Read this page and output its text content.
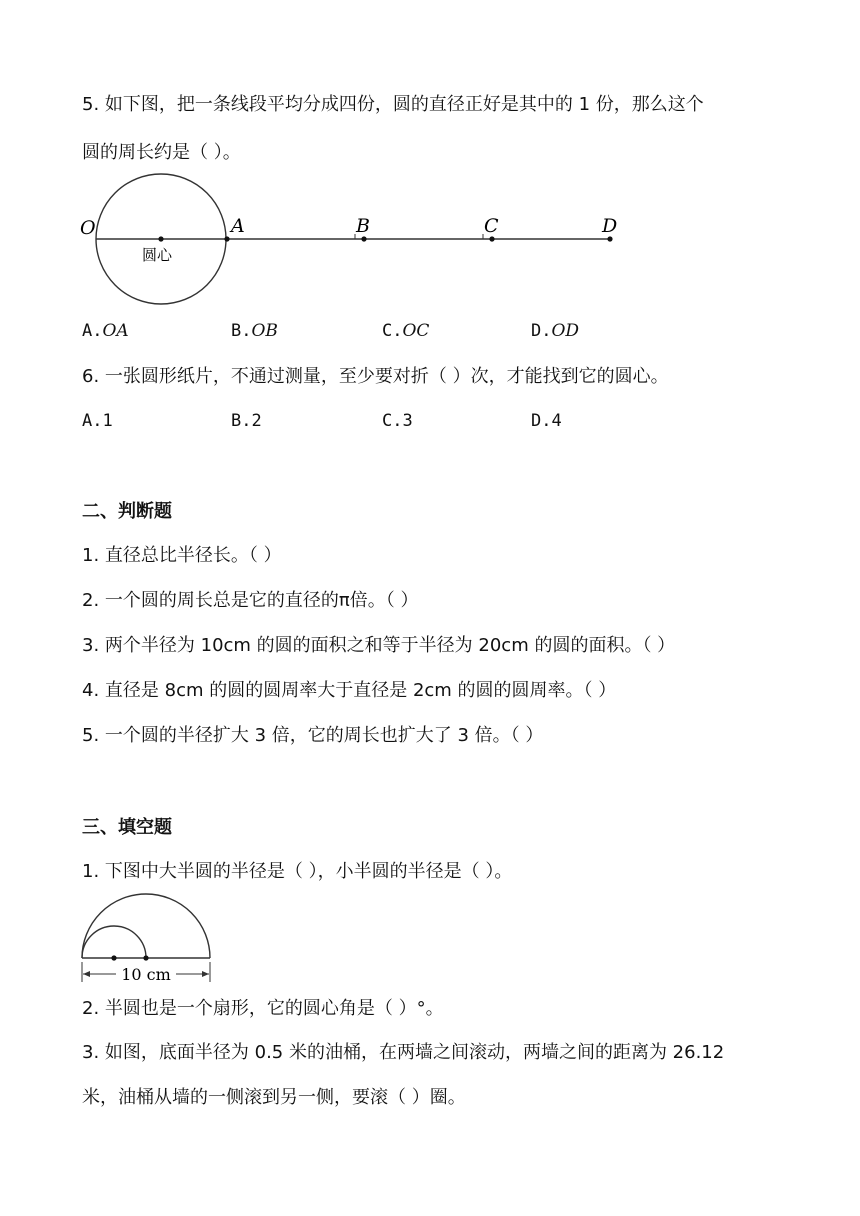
5. 如下图，把一条线段平均分成四份，圆的直径正好是其中的 1 份，那么这个
圆的周长约是（ ）。
O	A	B	C	D
圆心
A.OA	B.OB	C.OC	D.OD
6. 一张圆形纸片，不通过测量，至少要对折（ ）次，才能找到它的圆心。
A.1	B.2	C.3	D.4
二、判断题
1. 直径总比半径长。（ ）
2. 一个圆的周长总是它的直径的π倍。（ ）
3. 两个半径为 10cm 的圆的面积之和等于半径为 20cm 的圆的面积。（ ）
4. 直径是 8cm 的圆的圆周率大于直径是 2cm 的圆的圆周率。（ ）
5. 一个圆的半径扩大 3 倍，它的周长也扩大了 3 倍。（ ）
三、填空题
1. 下图中大半圆的半径是（ ），小半圆的半径是（ ）。
10 cm
2. 半圆也是一个扇形，它的圆心角是（ ）°。
3. 如图，底面半径为 0.5 米的油桶，在两墙之间滚动，两墙之间的距离为 26.12
米，油桶从墙的一侧滚到另一侧，要滚（ ）圈。
